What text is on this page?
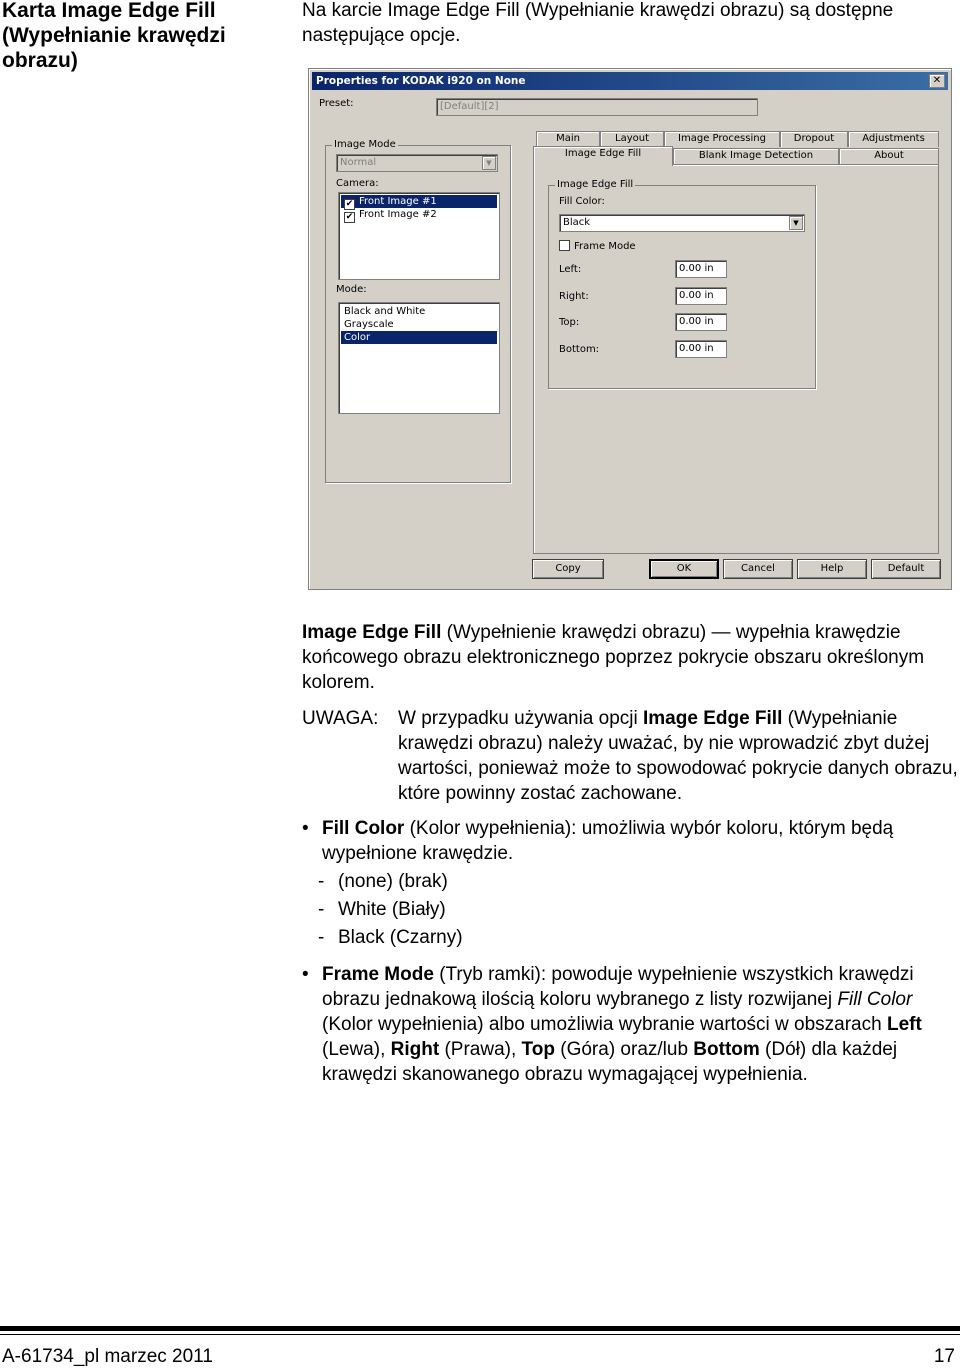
Karta Image Edge Fill (Wypełnianie krawędzi obrazu)
Na karcie Image Edge Fill (Wypełnianie krawędzi obrazu) są dostępne następujące opcje.
Properties for KODAK i920 on None	✕
Preset:	[Default][2]
Image Mode
Normal	▼
Camera:
✔ Front Image #1
✔ Front Image #2
Mode:
Black and White
Grayscale
Color
Main	Layout	Image Processing	Dropout	Adjustments
Image Edge Fill	Blank Image Detection	About
Image Edge Fill
Fill Color:
Black	▼
Frame Mode
Left:	0.00 in
Right:	0.00 in
Top:	0.00 in
Bottom:	0.00 in
Copy	OK	Cancel	Help	Default
Image Edge Fill (Wypełnienie krawędzi obrazu) — wypełnia krawędzie końcowego obrazu elektronicznego poprzez pokrycie obszaru określonym kolorem.
UWAGA: W przypadku używania opcji Image Edge Fill (Wypełnianie krawędzi obrazu) należy uważać, by nie wprowadzić zbyt dużej wartości, ponieważ może to spowodować pokrycie danych obrazu, które powinny zostać zachowane.
• Fill Color (Kolor wypełnienia): umożliwia wybór koloru, którym będą wypełnione krawędzie.
- (none) (brak)
- White (Biały)
- Black (Czarny)
• Frame Mode (Tryb ramki): powoduje wypełnienie wszystkich krawędzi obrazu jednakową ilością koloru wybranego z listy rozwijanej Fill Color (Kolor wypełnienia) albo umożliwia wybranie wartości w obszarach Left (Lewa), Right (Prawa), Top (Góra) oraz/lub Bottom (Dół) dla każdej krawędzi skanowanego obrazu wymagającej wypełnienia.
A-61734_pl marzec 2011	17
